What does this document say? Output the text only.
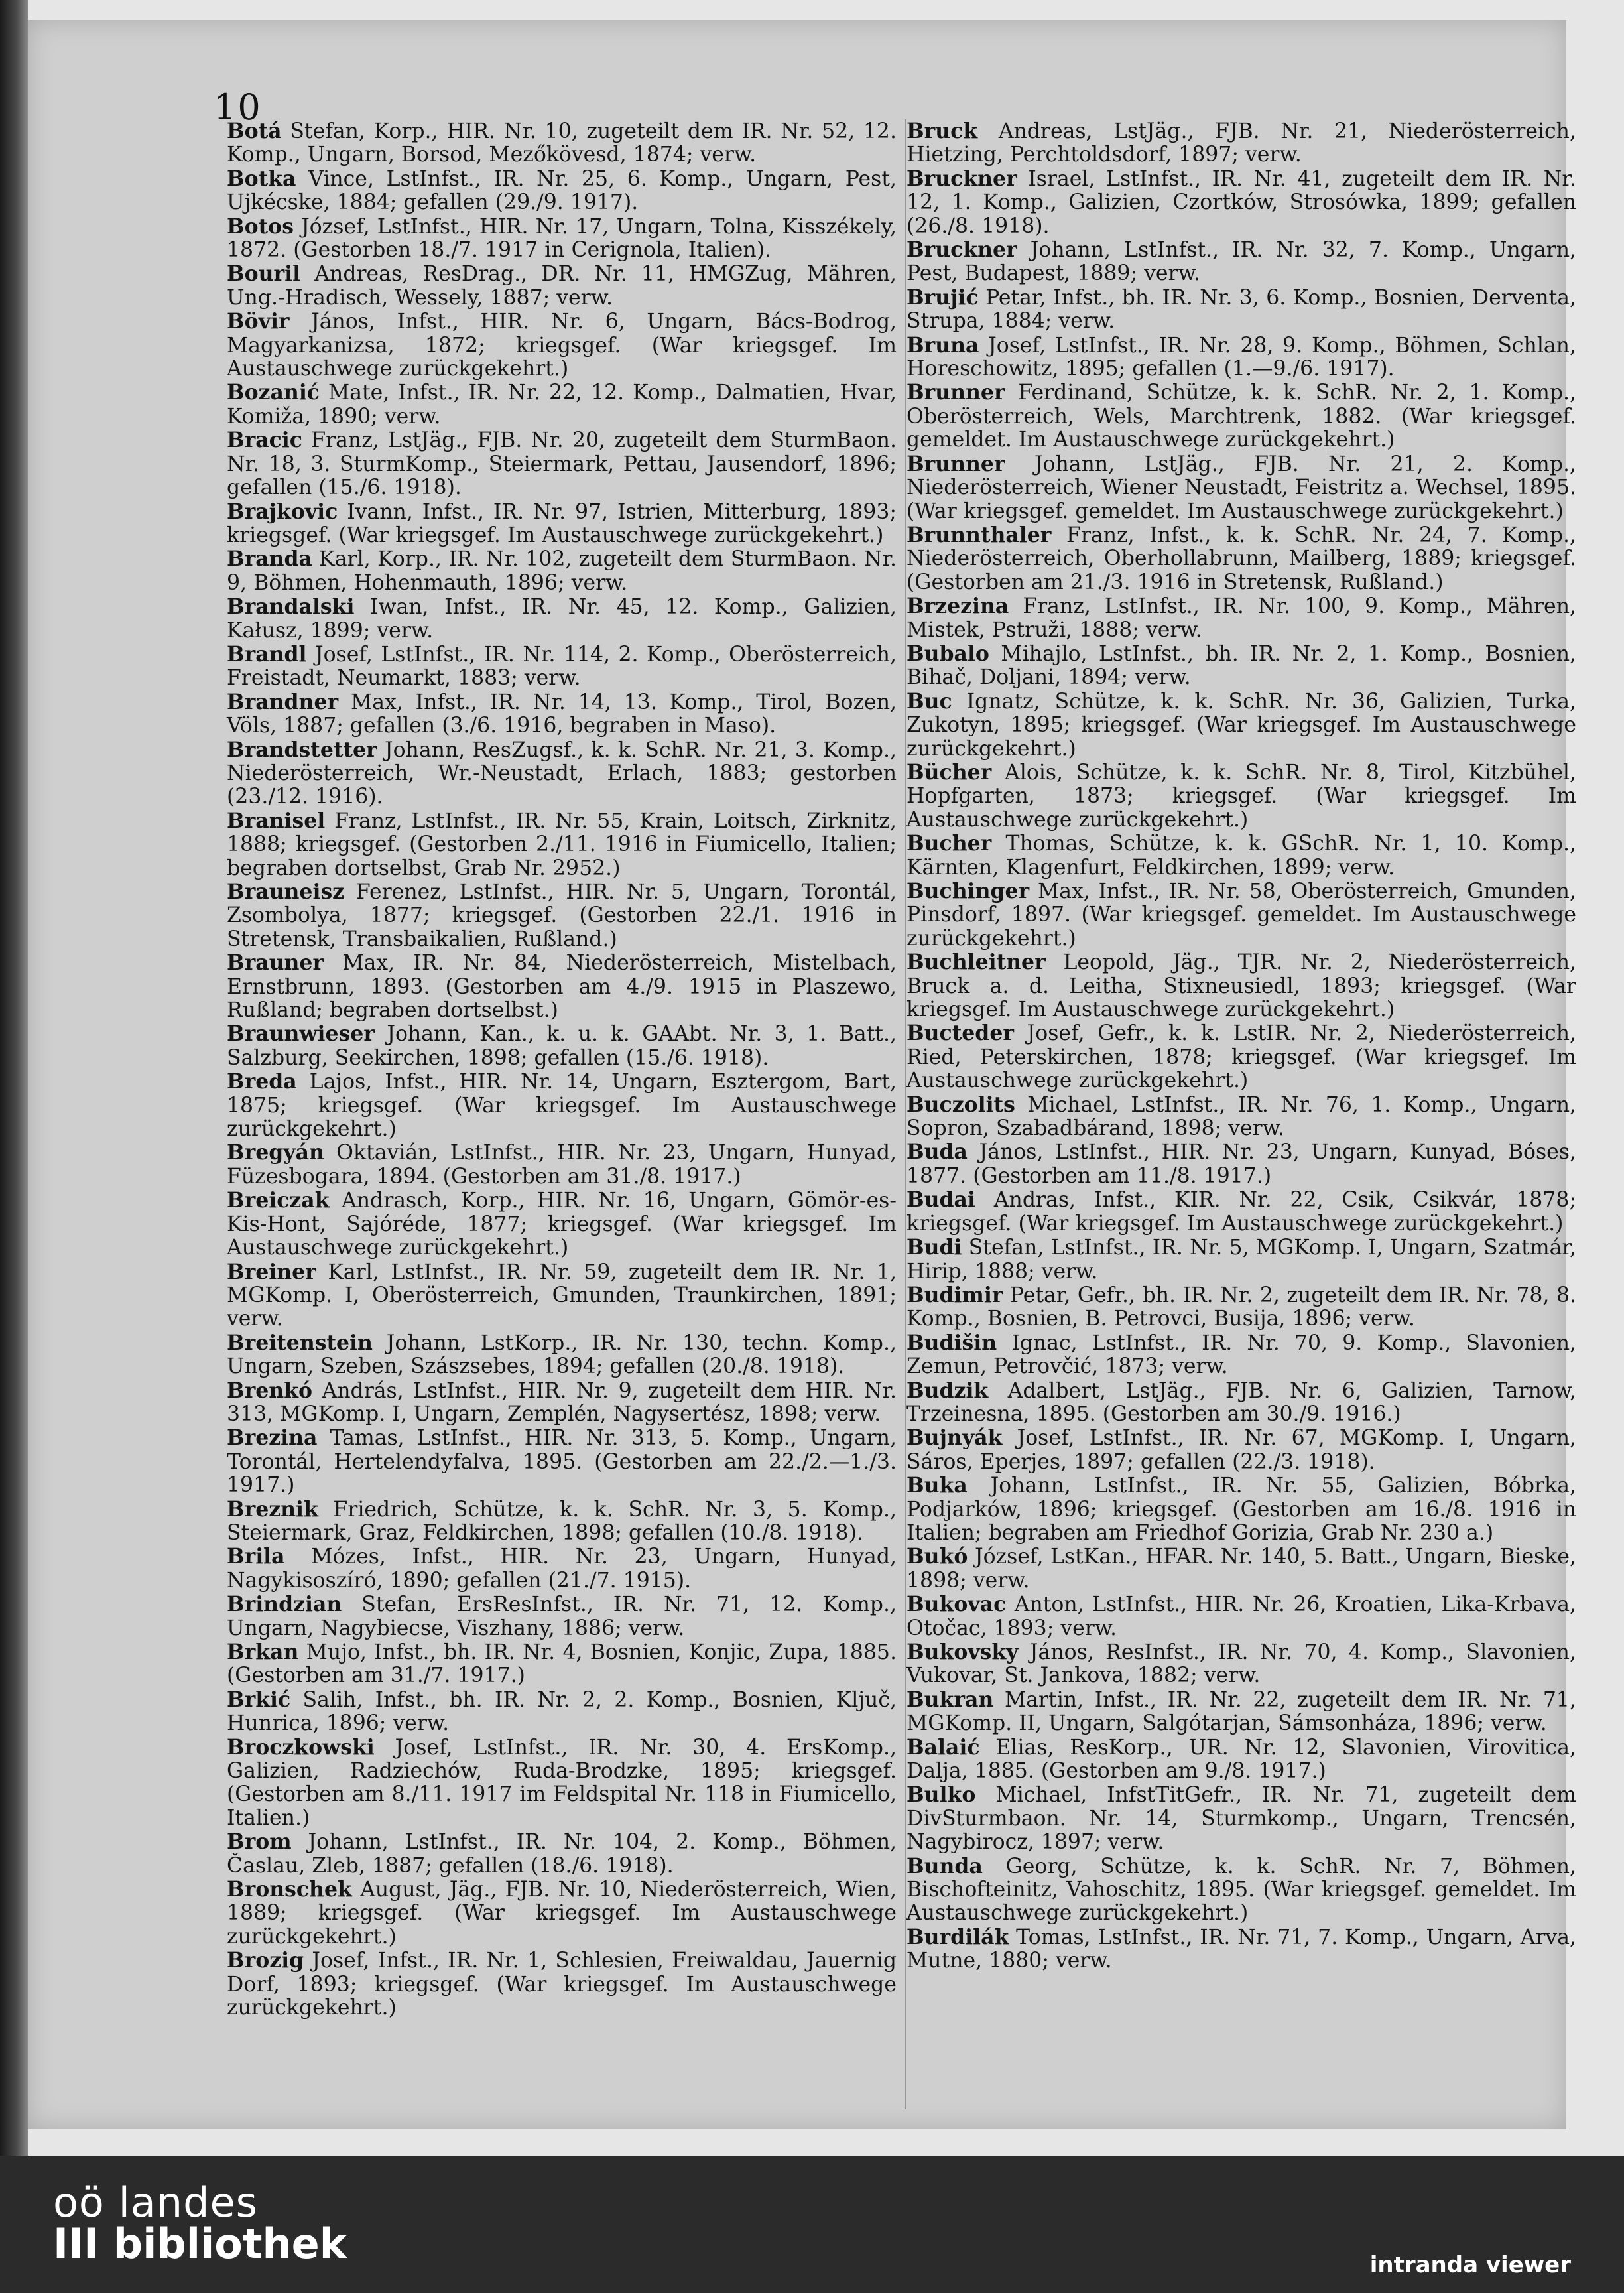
10

Botá Stefan, Korp., HIR. Nr. 10, zugeteilt dem IR. Nr. 52, 12. Komp., Ungarn, Borsod, Mezőkövesd, 1874; verw.

Botka Vince, LstInfst., IR. Nr. 25, 6. Komp., Ungarn, Pest, Ujkécske, 1884; gefallen (29./9. 1917).

Botos József, LstInfst., HIR. Nr. 17, Ungarn, Tolna, Kisszékely, 1872. (Gestorben 18./7. 1917 in Cerignola, Italien).

Bouril Andreas, ResDrag., DR. Nr. 11, HMGZug, Mähren, Ung.-Hradisch, Wessely, 1887; verw.

Bövir János, Infst., HIR. Nr. 6, Ungarn, Bács-Bodrog, Magyarkanizsa, 1872; kriegsgef. (War kriegsgef. Im Austauschwege zurückgekehrt.)

Bozanić Mate, Infst., IR. Nr. 22, 12. Komp., Dalmatien, Hvar, Komiža, 1890; verw.

Bracic Franz, LstJäg., FJB. Nr. 20, zugeteilt dem SturmBaon. Nr. 18, 3. SturmKomp., Steiermark, Pettau, Jausendorf, 1896; gefallen (15./6. 1918).

Brajkovic Ivann, Infst., IR. Nr. 97, Istrien, Mitterburg, 1893; kriegsgef. (War kriegsgef. Im Austauschwege zurückgekehrt.)

Branda Karl, Korp., IR. Nr. 102, zugeteilt dem SturmBaon. Nr. 9, Böhmen, Hohenmauth, 1896; verw.

Brandalski Iwan, Infst., IR. Nr. 45, 12. Komp., Galizien, Kałusz, 1899; verw.

Brandl Josef, LstInfst., IR. Nr. 114, 2. Komp., Oberösterreich, Freistadt, Neumarkt, 1883; verw.

Brandner Max, Infst., IR. Nr. 14, 13. Komp., Tirol, Bozen, Völs, 1887; gefallen (3./6. 1916, begraben in Maso).

Brandstetter Johann, ResZugsf., k. k. SchR. Nr. 21, 3. Komp., Niederösterreich, Wr.-Neustadt, Erlach, 1883; gestorben (23./12. 1916).

Branisel Franz, LstInfst., IR. Nr. 55, Krain, Loitsch, Zirknitz, 1888; kriegsgef. (Gestorben 2./11. 1916 in Fiumicello, Italien; begraben dortselbst, Grab Nr. 2952.)

Brauneisz Ferenez, LstInfst., HIR. Nr. 5, Ungarn, Torontál, Zsombolya, 1877; kriegsgef. (Gestorben 22./1. 1916 in Stretensk, Transbaikalien, Rußland.)

Brauner Max, IR. Nr. 84, Niederösterreich, Mistelbach, Ernstbrunn, 1893. (Gestorben am 4./9. 1915 in Plaszewo, Rußland; begraben dortselbst.)

Braunwieser Johann, Kan., k. u. k. GAAbt. Nr. 3, 1. Batt., Salzburg, Seekirchen, 1898; gefallen (15./6. 1918).

Breda Lajos, Infst., HIR. Nr. 14, Ungarn, Esztergom, Bart, 1875; kriegsgef. (War kriegsgef. Im Austauschwege zurückgekehrt.)

Bregyán Oktavián, LstInfst., HIR. Nr. 23, Ungarn, Hunyad, Füzesbogara, 1894. (Gestorben am 31./8. 1917.)

Breiczak Andrasch, Korp., HIR. Nr. 16, Ungarn, Gömör-es-Kis-Hont, Sajóréde, 1877; kriegsgef. (War kriegsgef. Im Austauschwege zurückgekehrt.)

Breiner Karl, LstInfst., IR. Nr. 59, zugeteilt dem IR. Nr. 1, MGKomp. I, Oberösterreich, Gmunden, Traunkirchen, 1891; verw.

Breitenstein Johann, LstKorp., IR. Nr. 130, techn. Komp., Ungarn, Szeben, Szászsebes, 1894; gefallen (20./8. 1918).

Brenkó András, LstInfst., HIR. Nr. 9, zugeteilt dem HIR. Nr. 313, MGKomp. I, Ungarn, Zemplén, Nagysertész, 1898; verw.

Brezina Tamas, LstInfst., HIR. Nr. 313, 5. Komp., Ungarn, Torontál, Hertelendyfalva, 1895. (Gestorben am 22./2.—1./3. 1917.)

Breznik Friedrich, Schütze, k. k. SchR. Nr. 3, 5. Komp., Steiermark, Graz, Feldkirchen, 1898; gefallen (10./8. 1918).

Brila Mózes, Infst., HIR. Nr. 23, Ungarn, Hunyad, Nagykisoszíró, 1890; gefallen (21./7. 1915).

Brindzian Stefan, ErsResInfst., IR. Nr. 71, 12. Komp., Ungarn, Nagybiecse, Viszhany, 1886; verw.

Brkan Mujo, Infst., bh. IR. Nr. 4, Bosnien, Konjic, Zupa, 1885. (Gestorben am 31./7. 1917.)

Brkić Salih, Infst., bh. IR. Nr. 2, 2. Komp., Bosnien, Ključ, Hunrica, 1896; verw.

Broczkowski Josef, LstInfst., IR. Nr. 30, 4. ErsKomp., Galizien, Radziechów, Ruda-Brodzke, 1895; kriegsgef. (Gestorben am 8./11. 1917 im Feldspital Nr. 118 in Fiumicello, Italien.)

Brom Johann, LstInfst., IR. Nr. 104, 2. Komp., Böhmen, Časlau, Zleb, 1887; gefallen (18./6. 1918).

Bronschek August, Jäg., FJB. Nr. 10, Niederösterreich, Wien, 1889; kriegsgef. (War kriegsgef. Im Austauschwege zurückgekehrt.)

Brozig Josef, Infst., IR. Nr. 1, Schlesien, Freiwaldau, Jauernig Dorf, 1893; kriegsgef. (War kriegsgef. Im Austauschwege zurückgekehrt.)

Bruck Andreas, LstJäg., FJB. Nr. 21, Niederösterreich, Hietzing, Perchtoldsdorf, 1897; verw.

Bruckner Israel, LstInfst., IR. Nr. 41, zugeteilt dem IR. Nr. 12, 1. Komp., Galizien, Czortków, Strosówka, 1899; gefallen (26./8. 1918).

Bruckner Johann, LstInfst., IR. Nr. 32, 7. Komp., Ungarn, Pest, Budapest, 1889; verw.

Brujić Petar, Infst., bh. IR. Nr. 3, 6. Komp., Bosnien, Derventa, Strupa, 1884; verw.

Bruna Josef, LstInfst., IR. Nr. 28, 9. Komp., Böhmen, Schlan, Horeschowitz, 1895; gefallen (1.—9./6. 1917).

Brunner Ferdinand, Schütze, k. k. SchR. Nr. 2, 1. Komp., Oberösterreich, Wels, Marchtrenk, 1882. (War kriegsgef. gemeldet. Im Austauschwege zurückgekehrt.)

Brunner Johann, LstJäg., FJB. Nr. 21, 2. Komp., Niederösterreich, Wiener Neustadt, Feistritz a. Wechsel, 1895. (War kriegsgef. gemeldet. Im Austauschwege zurückgekehrt.)

Brunnthaler Franz, Infst., k. k. SchR. Nr. 24, 7. Komp., Niederösterreich, Oberhollabrunn, Mailberg, 1889; kriegsgef. (Gestorben am 21./3. 1916 in Stretensk, Rußland.)

Brzezina Franz, LstInfst., IR. Nr. 100, 9. Komp., Mähren, Mistek, Pstruži, 1888; verw.

Bubalo Mihajlo, LstInfst., bh. IR. Nr. 2, 1. Komp., Bosnien, Bihač, Doljani, 1894; verw.

Buc Ignatz, Schütze, k. k. SchR. Nr. 36, Galizien, Turka, Zukotyn, 1895; kriegsgef. (War kriegsgef. Im Austauschwege zurückgekehrt.)

Bücher Alois, Schütze, k. k. SchR. Nr. 8, Tirol, Kitzbühel, Hopfgarten, 1873; kriegsgef. (War kriegsgef. Im Austauschwege zurückgekehrt.)

Bucher Thomas, Schütze, k. k. GSchR. Nr. 1, 10. Komp., Kärnten, Klagenfurt, Feldkirchen, 1899; verw.

Buchinger Max, Infst., IR. Nr. 58, Oberösterreich, Gmunden, Pinsdorf, 1897. (War kriegsgef. gemeldet. Im Austauschwege zurückgekehrt.)

Buchleitner Leopold, Jäg., TJR. Nr. 2, Niederösterreich, Bruck a. d. Leitha, Stixneusiedl, 1893; kriegsgef. (War kriegsgef. Im Austauschwege zurückgekehrt.)

Bucteder Josef, Gefr., k. k. LstIR. Nr. 2, Niederösterreich, Ried, Peterskirchen, 1878; kriegsgef. (War kriegsgef. Im Austauschwege zurückgekehrt.)

Buczolits Michael, LstInfst., IR. Nr. 76, 1. Komp., Ungarn, Sopron, Szabadbárand, 1898; verw.

Buda János, LstInfst., HIR. Nr. 23, Ungarn, Kunyad, Bóses, 1877. (Gestorben am 11./8. 1917.)

Budai Andras, Infst., KIR. Nr. 22, Csik, Csikvár, 1878; kriegsgef. (War kriegsgef. Im Austauschwege zurückgekehrt.)

Budi Stefan, LstInfst., IR. Nr. 5, MGKomp. I, Ungarn, Szatmár, Hirip, 1888; verw.

Budimir Petar, Gefr., bh. IR. Nr. 2, zugeteilt dem IR. Nr. 78, 8. Komp., Bosnien, B. Petrovci, Busija, 1896; verw.

Budišin Ignac, LstInfst., IR. Nr. 70, 9. Komp., Slavonien, Zemun, Petrovčić, 1873; verw.

Budzik Adalbert, LstJäg., FJB. Nr. 6, Galizien, Tarnow, Trzeinesna, 1895. (Gestorben am 30./9. 1916.)

Bujnyák Josef, LstInfst., IR. Nr. 67, MGKomp. I, Ungarn, Sáros, Eperjes, 1897; gefallen (22./3. 1918).

Buka Johann, LstInfst., IR. Nr. 55, Galizien, Bóbrka, Podjarków, 1896; kriegsgef. (Gestorben am 16./8. 1916 in Italien; begraben am Friedhof Gorizia, Grab Nr. 230 a.)

Bukó József, LstKan., HFAR. Nr. 140, 5. Batt., Ungarn, Bieske, 1898; verw.

Bukovac Anton, LstInfst., HIR. Nr. 26, Kroatien, Lika-Krbava, Otočac, 1893; verw.

Bukovsky János, ResInfst., IR. Nr. 70, 4. Komp., Slavonien, Vukovar, St. Jankova, 1882; verw.

Bukran Martin, Infst., IR. Nr. 22, zugeteilt dem IR. Nr. 71, MGKomp. II, Ungarn, Salgótarjan, Sámsonháza, 1896; verw.

Balaić Elias, ResKorp., UR. Nr. 12, Slavonien, Virovitica, Dalja, 1885. (Gestorben am 9./8. 1917.)

Bulko Michael, InfstTitGefr., IR. Nr. 71, zugeteilt dem DivSturmbaon. Nr. 14, Sturmkomp., Ungarn, Trencsén, Nagybirocz, 1897; verw.

Bunda Georg, Schütze, k. k. SchR. Nr. 7, Böhmen, Bischofteinitz, Vahoschitz, 1895. (War kriegsgef. gemeldet. Im Austauschwege zurückgekehrt.)

Burdilák Tomas, LstInfst., IR. Nr. 71, 7. Komp., Ungarn, Arva, Mutne, 1880; verw.

oö landes
III bibliothek	intranda viewer
